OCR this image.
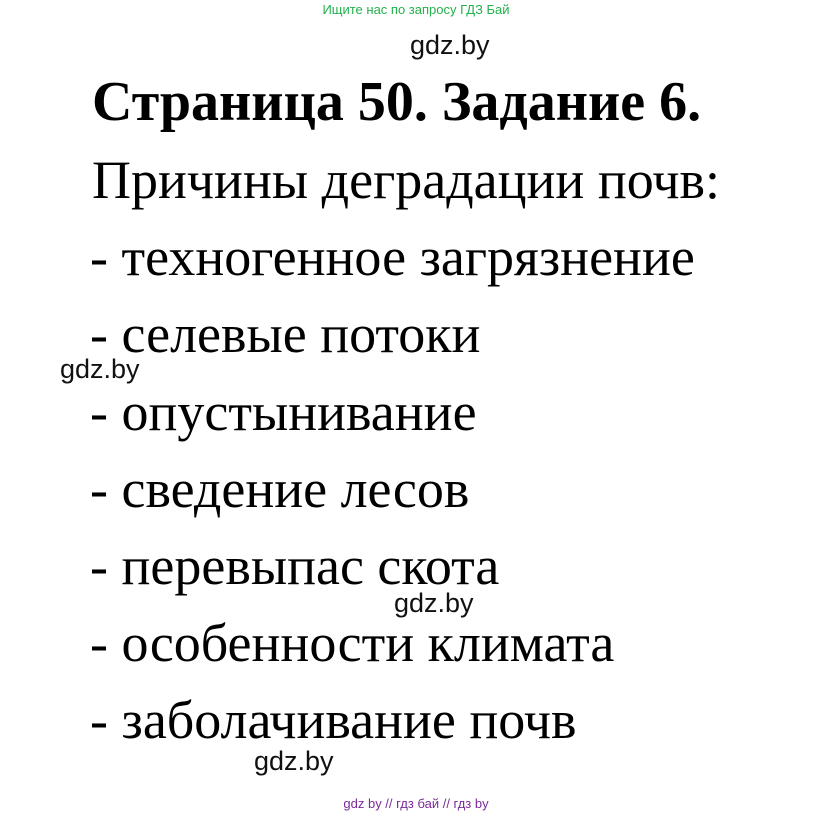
Ищите нас по запросу ГДЗ Бай
gdz.by
Страница 50. Задание 6.
Причины деградации почв:
- техногенное загрязнение
- селевые потоки
gdz.by
- опустынивание
- сведение лесов
- перевыпас скота
gdz.by
- особенности климата
- заболачивание почв
gdz.by
gdz by // гдз бай // гдз by
